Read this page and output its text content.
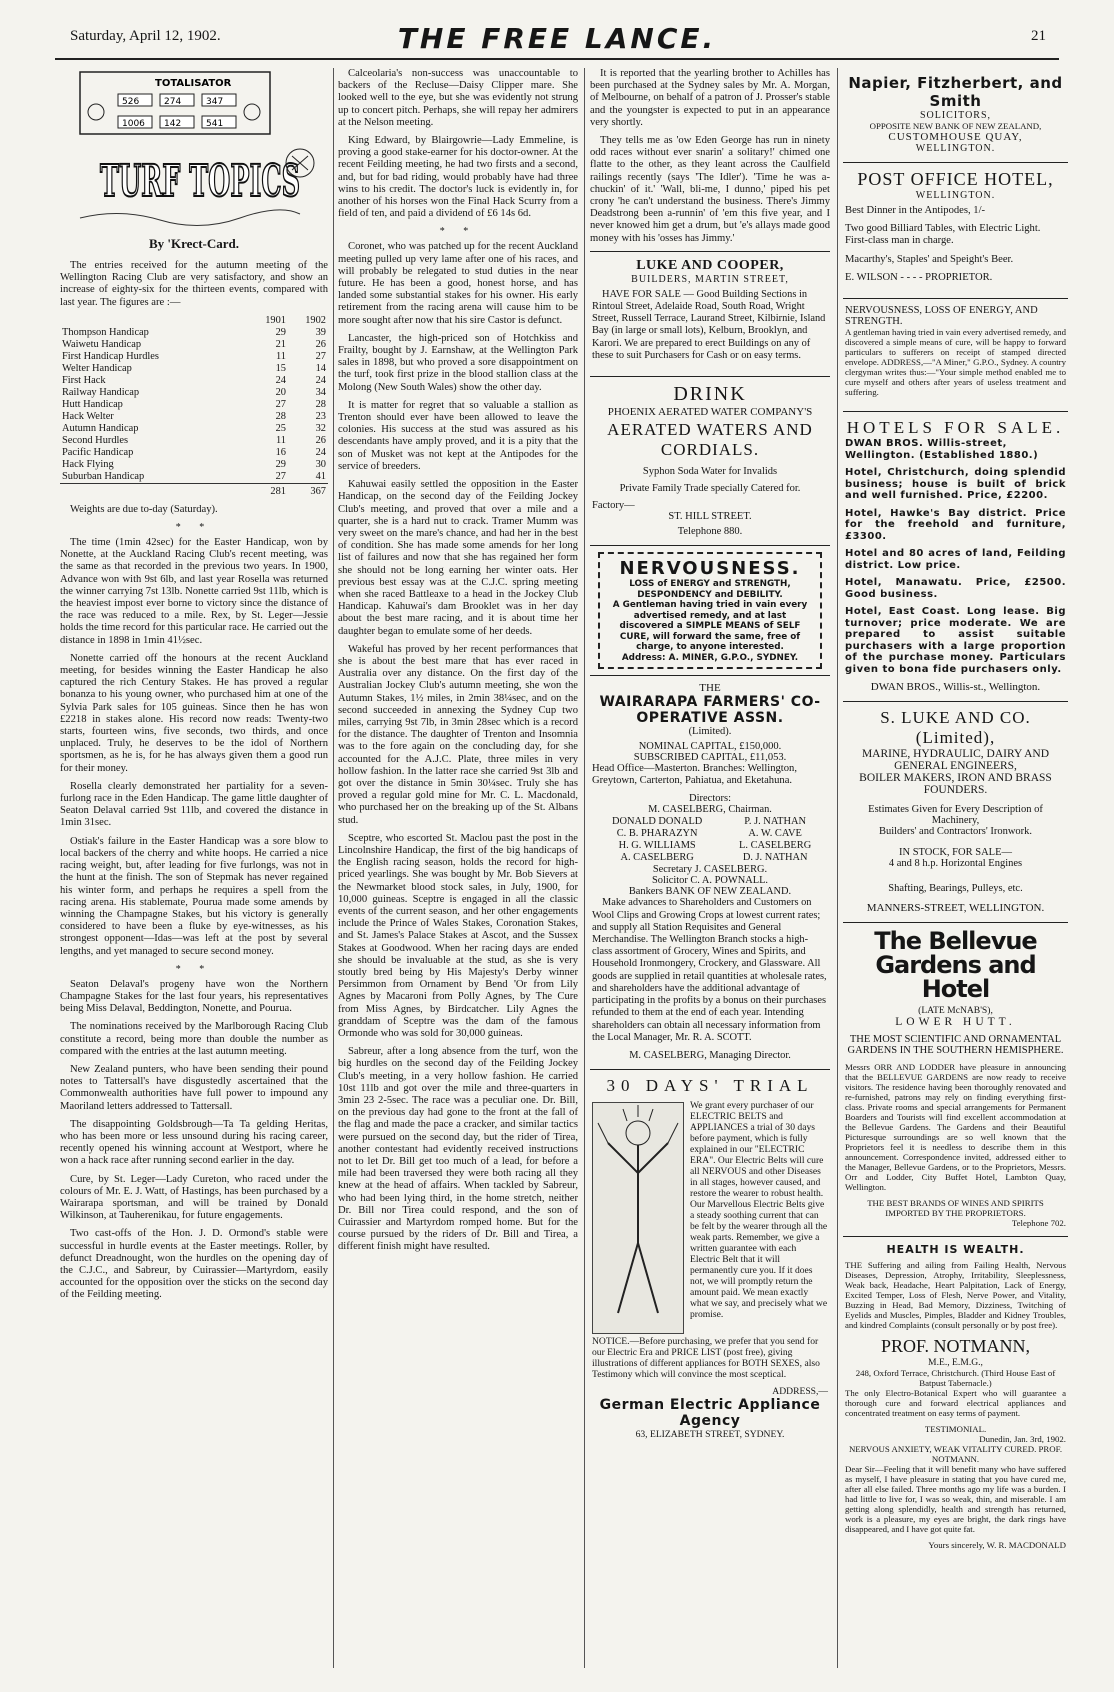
Saturday, April 12, 1902.	THE FREE LANCE.	21
TOTALISATOR
526	274	347
1006 142	541
TURF TOPICS
By 'Krect-Card.

The entries received for the autumn meeting of the Wellington Racing Club are very satisfactory, and show an increase of eighty-six for the thirteen events, compared with last year. The figures are :—

	1901	1902
Thompson Handicap	29	39
Waiwetu Handicap	21	26
First Handicap Hurdles	11	27
Welter Handicap	15	14
First Hack	24	24
Railway Handicap	20	34
Hutt Handicap	27	28
Hack Welter	28	23
Autumn Handicap	25	32
Second Hurdles	11	26
Pacific Handicap	16	24
Hack Flying	29	30
Suburban Handicap	27	41
	281	367

Weights are due to-day (Saturday).

* *

The time (1min 42sec) for the Easter Handicap, won by Nonette, at the Auckland Racing Club's recent meeting, was the same as that recorded in the previous two years. In 1900, Advance won with 9st 6lb, and last year Rosella was returned the winner carrying 7st 13lb. Nonette carried 9st 11lb, which is the heaviest impost ever borne to victory since the distance of the race was reduced to a mile. Rex, by St. Leger—Jessie holds the time record for this particular race. He carried out the distance in 1898 in 1min 41½sec.

Nonette carried off the honours at the recent Auckland meeting, for besides winning the Easter Handicap he also captured the rich Century Stakes. He has proved a regular bonanza to his young owner, who purchased him at one of the Sylvia Park sales for 105 guineas. Since then he has won £2218 in stakes alone. His record now reads: Twenty-two starts, fourteen wins, five seconds, two thirds, and once unplaced. Truly, he deserves to be the idol of Northern sportsmen, as he is, for he has always given them a good run for their money.

Rosella clearly demonstrated her partiality for a seven-furlong race in the Eden Handicap. The game little daughter of Seaton Delaval carried 9st 11lb, and covered the distance in 1min 31sec.

Ostiak's failure in the Easter Handicap was a sore blow to local backers of the cherry and white hoops. He carried a nice racing weight, but, after leading for five furlongs, was not in the hunt at the finish. The son of Stepmak has never regained his winter form, and perhaps he requires a spell from the racing arena. His stablemate, Pourua made some amends by winning the Champagne Stakes, but his victory is generally considered to have been a fluke by eye-witnesses, as his strongest opponent—Idas—was left at the post by several lengths, and yet managed to secure second money.

* *

Seaton Delaval's progeny have won the Northern Champagne Stakes for the last four years, his representatives being Miss Delaval, Beddington, Nonette, and Pourua.

The nominations received by the Marlborough Racing Club constitute a record, being more than double the number as compared with the entries at the last autumn meeting.

New Zealand punters, who have been sending their pound notes to Tattersall's have disgustedly ascertained that the Commonwealth authorities have full power to impound any Maoriland letters addressed to Tattersall.

The disappointing Goldsbrough—Ta Ta gelding Heritas, who has been more or less unsound during his racing career, recently opened his winning account at Westport, where he won a hack race after running second earlier in the day.

Cure, by St. Leger—Lady Cureton, who raced under the colours of Mr. E. J. Watt, of Hastings, has been purchased by a Wairarapa sportsman, and will be trained by Donald Wilkinson, at Tauherenikau, for future engagements.

Two cast-offs of the Hon. J. D. Ormond's stable were successful in hurdle events at the Easter meetings. Roller, by defunct Dreadnought, won the hurdles on the opening day of the C.J.C., and Sabreur, by Cuirassier—Martyrdom, easily accounted for the opposition over the sticks on the second day of the Feilding meeting.

Calceolaria's non-success was unaccountable to backers of the Recluse—Daisy Clipper mare. She looked well to the eye, but she was evidently not strung up to concert pitch. Perhaps, she will repay her admirers at the Nelson meeting.

King Edward, by Blairgowrie—Lady Emmeline, is proving a good stake-earner for his doctor-owner. At the recent Feilding meeting, he had two firsts and a second, and, but for bad riding, would probably have had three wins to his credit. The doctor's luck is evidently in, for another of his horses won the Final Hack Scurry from a field of ten, and paid a dividend of £6 14s 6d.

* *

Coronet, who was patched up for the recent Auckland meeting pulled up very lame after one of his races, and will probably be relegated to stud duties in the near future. He has been a good, honest horse, and has landed some substantial stakes for his owner. His early retirement from the racing arena will cause him to be more sought after now that his sire Castor is defunct.

Lancaster, the high-priced son of Hotchkiss and Frailty, bought by J. Earnshaw, at the Wellington Park sales in 1898, but who proved a sore disappointment on the turf, took first prize in the blood stallion class at the Molong (New South Wales) show the other day.

It is matter for regret that so valuable a stallion as Trenton should ever have been allowed to leave the colonies. His success at the stud was assured as his descendants have amply proved, and it is a pity that the son of Musket was not kept at the Antipodes for the service of breeders.

Kahuwai easily settled the opposition in the Easter Handicap, on the second day of the Feilding Jockey Club's meeting, and proved that over a mile and a quarter, she is a hard nut to crack. Tramer Mumm was very sweet on the mare's chance, and had her in the best of condition. She has made some amends for her long list of failures and now that she has regained her form she should not be long earning her winter oats. Her previous best essay was at the C.J.C. spring meeting when she raced Battleaxe to a head in the Jockey Club Handicap. Kahuwai's dam Brooklet was in her day about the best mare racing, and it is about time her daughter began to emulate some of her deeds.

Wakeful has proved by her recent performances that she is about the best mare that has ever raced in Australia over any distance. On the first day of the Australian Jockey Club's autumn meeting, she won the Autumn Stakes, 1½ miles, in 2min 38¼sec, and on the second succeeded in annexing the Sydney Cup two miles, carrying 9st 7lb, in 3min 28sec which is a record for the distance. The daughter of Trenton and Insomnia was to the fore again on the concluding day, for she accounted for the A.J.C. Plate, three miles in very hollow fashion. In the latter race she carried 9st 3lb and got over the distance in 5min 30¼sec. Truly she has proved a regular gold mine for Mr. C. L. Macdonald, who purchased her on the breaking up of the St. Albans stud.

Sceptre, who escorted St. Maclou past the post in the Lincolnshire Handicap, the first of the big handicaps of the English racing season, holds the record for high-priced yearlings. She was bought by Mr. Bob Sievers at the Newmarket blood stock sales, in July, 1900, for 10,000 guineas. Sceptre is engaged in all the classic events of the current season, and her other engagements include the Prince of Wales Stakes, Coronation Stakes, and St. James's Palace Stakes at Ascot, and the Sussex Stakes at Goodwood. When her racing days are ended she should be invaluable at the stud, as she is very stoutly bred being by His Majesty's Derby winner Persimmon from Ornament by Bend 'Or from Lily Agnes by Macaroni from Polly Agnes, by The Cure from Miss Agnes, by Birdcatcher. Lily Agnes the granddam of Sceptre was the dam of the famous Ormonde who was sold for 30,000 guineas.

Sabreur, after a long absence from the turf, won the big hurdles on the second day of the Feilding Jockey Club's meeting, in a very hollow fashion. He carried 10st 11lb and got over the mile and three-quarters in 3min 23 2-5sec. The race was a peculiar one. Dr. Bill, on the previous day had gone to the front at the fall of the flag and made the pace a cracker, and similar tactics were pursued on the second day, but the rider of Tirea, another contestant had evidently received instructions not to let Dr. Bill get too much of a lead, for before a mile had been traversed they were both racing all they knew at the head of affairs. When tackled by Sabreur, who had been lying third, in the home stretch, neither Dr. Bill nor Tirea could respond, and the son of Cuirassier and Martyrdom romped home. But for the course pursued by the riders of Dr. Bill and Tirea, a different finish might have resulted.

It is reported that the yearling brother to Achilles has been purchased at the Sydney sales by Mr. A. Morgan, of Melbourne, on behalf of a patron of J. Prosser's stable and the youngster is expected to put in an appearance very shortly.

They tells me as 'ow Eden George has run in ninety odd races without ever snarin' a solitary!' chimed one flatte to the other, as they leant across the Caulfield railings recently (says 'The Idler'). 'Time he was a-chuckin' of it.' 'Wall, bli-me, I dunno,' piped his pet crony 'he can't understand the business. There's Jimmy Deadstrong been a-runnin' of 'em this five year, and I never knowed him get a drum, but 'e's allays made good money with his 'osses has Jimmy.'

LUKE AND COOPER,
BUILDERS, MARTIN STREET,

HAVE FOR SALE — Good Building Sections in Rintoul Street, Adelaide Road, South Road, Wright Street, Russell Terrace, Laurand Street, Kilbirnie, Island Bay (in large or small lots), Kelburn, Brooklyn, and Karori. We are prepared to erect Buildings on any of these to suit Purchasers for Cash or on easy terms.

DRINK
PHOENIX AERATED WATER COMPANY'S
AERATED WATERS AND CORDIALS.
Syphon Soda Water for Invalids
Private Family Trade specially Catered for.
Factory—
ST. HILL STREET.
Telephone 880.
NERVOUSNESS.
LOSS of ENERGY and STRENGTH, DESPONDENCY and DEBILITY.
A Gentleman having tried in vain every advertised remedy, and at last discovered a SIMPLE MEANS of SELF CURE, will forward the same, free of charge, to anyone interested.
Address: A. MINER, G.P.O., SYDNEY.
THE
WAIRARAPA FARMERS' CO-OPERATIVE ASSN.
(Limited).
NOMINAL CAPITAL, £150,000.
SUBSCRIBED CAPITAL, £11,053.

Head Office—Masterton. Branches: Wellington, Greytown, Carterton, Pahiatua, and Eketahuna.

Directors:
M. CASELBERG, Chairman.	
DONALD DONALD	P. J. NATHAN
C. B. PHARAZYN	A. W. CAVE
H. G. WILLIAMS	L. CASELBERG
A. CASELBERG	D. J. NATHAN
Secretary J. CASELBERG.
Solicitor C. A. POWNALL.
Bankers BANK OF NEW ZEALAND.

Make advances to Shareholders and Customers on Wool Clips and Growing Crops at lowest current rates; and supply all Station Requisites and General Merchandise. The Wellington Branch stocks a high-class assortment of Grocery, Wines and Spirits, and Household Ironmongery, Crockery, and Glassware. All goods are supplied in retail quantities at wholesale rates, and shareholders have the additional advantage of participating in the profits by a bonus on their purchases refunded to them at the end of each year. Intending shareholders can obtain all necessary information from the Local Manager, Mr. R. A. SCOTT.

M. CASELBERG, Managing Director.
30 DAYS' TRIAL

We grant every purchaser of our ELECTRIC BELTS and APPLIANCES a trial of 30 days before payment, which is fully explained in our "ELECTRIC ERA". Our Electric Belts will cure all NERVOUS and other Diseases in all stages, however caused, and restore the wearer to robust health. Our Marvellous Electric Belts give a steady soothing current that can be felt by the wearer through all the weak parts. Remember, we give a written guarantee with each Electric Belt that it will permanently cure you. If it does not, we will promptly return the amount paid. We mean exactly what we say, and precisely what we promise.

NOTICE.—Before purchasing, we prefer that you send for our Electric Era and PRICE LIST (post free), giving illustrations of different appliances for BOTH SEXES, also Testimony which will convince the most sceptical.

ADDRESS,—
German Electric Appliance Agency
63, ELIZABETH STREET, SYDNEY.
Napier, Fitzherbert, and Smith
SOLICITORS,
OPPOSITE NEW BANK OF NEW ZEALAND,
CUSTOMHOUSE QUAY,
WELLINGTON.
POST OFFICE HOTEL,
WELLINGTON.

Best Dinner in the Antipodes, 1/-

Two good Billiard Tables, with Electric Light. First-class man in charge.

Macarthy's, Staples' and Speight's Beer.

E. WILSON - - - - PROPRIETOR.

NERVOUSNESS, LOSS OF ENERGY, AND STRENGTH.

A gentleman having tried in vain every advertised remedy, and discovered a simple means of cure, will be happy to forward particulars to sufferers on receipt of stamped directed envelope. ADDRESS,—"A Miner," G.P.O., Sydney. A country clergyman writes thus:—"Your simple method enabled me to cure myself and others after years of useless treatment and suffering.

HOTELS FOR SALE.

DWAN BROS. Willis-street, Wellington. (Established 1880.)

Hotel, Christchurch, doing splendid business; house is built of brick and well furnished. Price, £2200.

Hotel, Hawke's Bay district. Price for the freehold and furniture, £3300.

Hotel and 80 acres of land, Feilding district. Low price.

Hotel, Manawatu. Price, £2500. Good business.

Hotel, East Coast. Long lease. Big turnover; price moderate. We are prepared to assist suitable purchasers with a large proportion of the purchase money. Particulars given to bona fide purchasers only.

DWAN BROS., Willis-st., Wellington.
S. LUKE AND CO. (Limited),
MARINE, HYDRAULIC, DAIRY AND GENERAL ENGINEERS,
BOILER MAKERS, IRON AND BRASS FOUNDERS.
Estimates Given for Every Description of Machinery,
Builders' and Contractors' Ironwork.
IN STOCK, FOR SALE—
4 and 8 h.p. Horizontal Engines
Shafting, Bearings, Pulleys, etc.
MANNERS-STREET, WELLINGTON.
The Bellevue Gardens and Hotel
(LATE McNAB'S),
LOWER HUTT.
THE MOST SCIENTIFIC AND ORNAMENTAL GARDENS IN THE SOUTHERN HEMISPHERE.

Messrs ORR AND LODDER have pleasure in announcing that the BELLEVUE GARDENS are now ready to receive visitors. The residence having been thoroughly renovated and re-furnished, patrons may rely on finding everything first-class. Private rooms and special arrangements for Permanent Boarders and Tourists will find excellent accommodation at the Bellevue Gardens. The Gardens and their Beautiful Picturesque surroundings are so well known that the Proprietors feel it is needless to describe them in this announcement. Correspondence invited, addressed either to the Manager, Bellevue Gardens, or to the Proprietors, Messrs. Orr and Lodder, City Buffet Hotel, Lambton Quay, Wellington.

THE BEST BRANDS OF WINES AND SPIRITS IMPORTED BY THE PROPRIETORS.
Telephone 702.
HEALTH IS WEALTH.

THE Suffering and ailing from Failing Health, Nervous Diseases, Depression, Atrophy, Irritability, Sleeplessness, Weak back, Headache, Heart Palpitation, Lack of Energy, Excited Temper, Loss of Flesh, Nerve Power, and Vitality, Buzzing in Head, Bad Memory, Dizziness, Twitching of Eyelids and Muscles, Pimples, Bladder and Kidney Troubles, and kindred Complaints (consult personally or by post free).

PROF. NOTMANN,
M.E., E.M.G.,
248, Oxford Terrace, Christchurch. (Third House East of Batpust Tabernacle.)

The only Electro-Botanical Expert who will guarantee a thorough cure and forward electrical appliances and concentrated treatment on easy terms of payment.

TESTIMONIAL.
Dunedin, Jan. 3rd, 1902.
NERVOUS ANXIETY, WEAK VITALITY CURED. PROF. NOTMANN.

Dear Sir—Feeling that it will benefit many who have suffered as myself, I have pleasure in stating that you have cured me, after all else failed. Three months ago my life was a burden. I had little to live for, I was so weak, thin, and miserable. I am getting along splendidly, health and strength has returned, work is a pleasure, my eyes are bright, the dark rings have disappeared, and I have got quite fat.

Yours sincerely, W. R. MACDONALD
